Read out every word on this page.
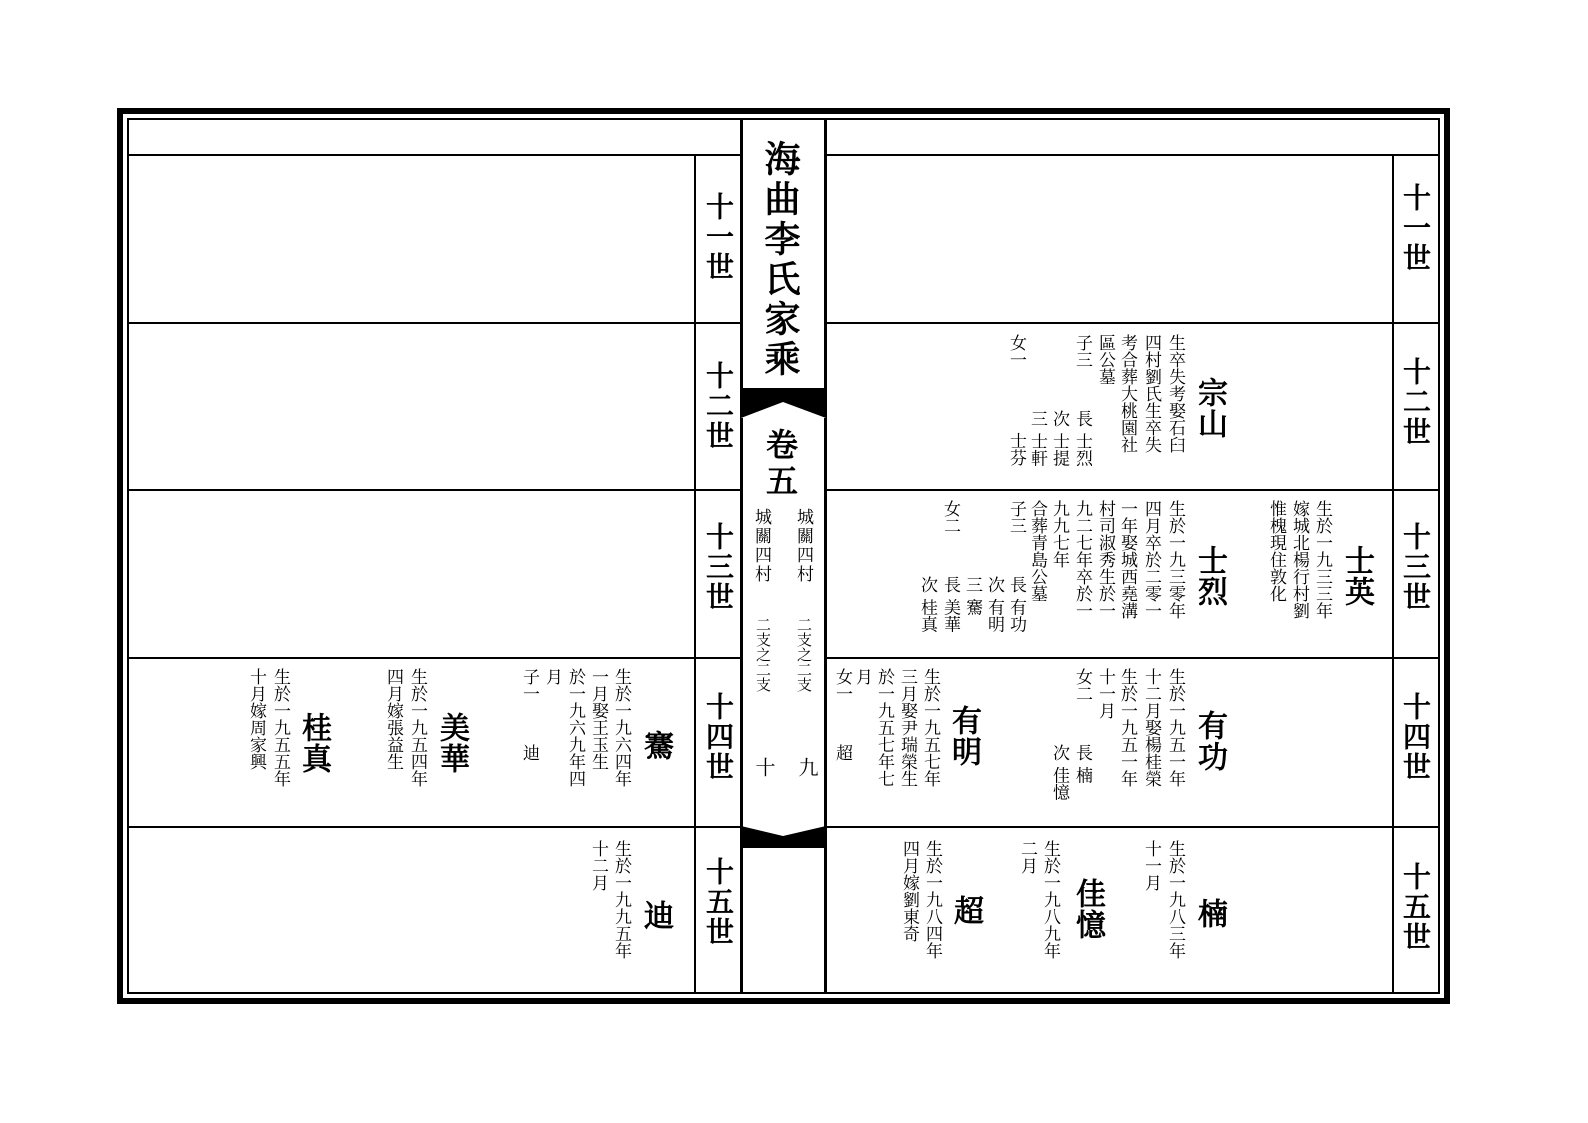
海曲李氏家乘
卷五
城關四村
二支之二支
九
城關四村
二支之二支
十
十一世
十二世
十三世
十四世
十五世
十一世
十二世
十三世
十四世
十五世
宗山
生卒失考娶石臼
四村劉氏生卒失
考合葬大桃園社
區公墓
子三
女一
長 士烈
次 士提
三 士軒
士芬
士英
生於一九三三年
嫁城北楊行村劉
惟槐現住敦化
士烈
生於一九三零年
四月卒於二零一
一年娶城西堯溝
村司淑秀生於一
九二七年卒於一
九九七年
合葬青島公墓
子三
女二
長 有功
次 有明
三 騫
長 美華
次 桂真
有功
生於一九五一年
十二月娶楊桂榮
生於一九五一年
十一月
女二
長 楠
次 佳憶
有明
生於一九五七年
三月娶尹瑞榮生
於一九五七年七
月
女一
超
楠
生於一九八三年
十一月
佳憶
生於一九八九年
二月
超
生於一九八四年
四月嫁劉東奇
騫
生於一九六四年
一月娶王玉生
於一九六九年四
月
子一
迪
美華
生於一九五四年
四月嫁張益生
桂真
生於一九五五年
十月嫁周家興
迪
生於一九九五年
十二月
